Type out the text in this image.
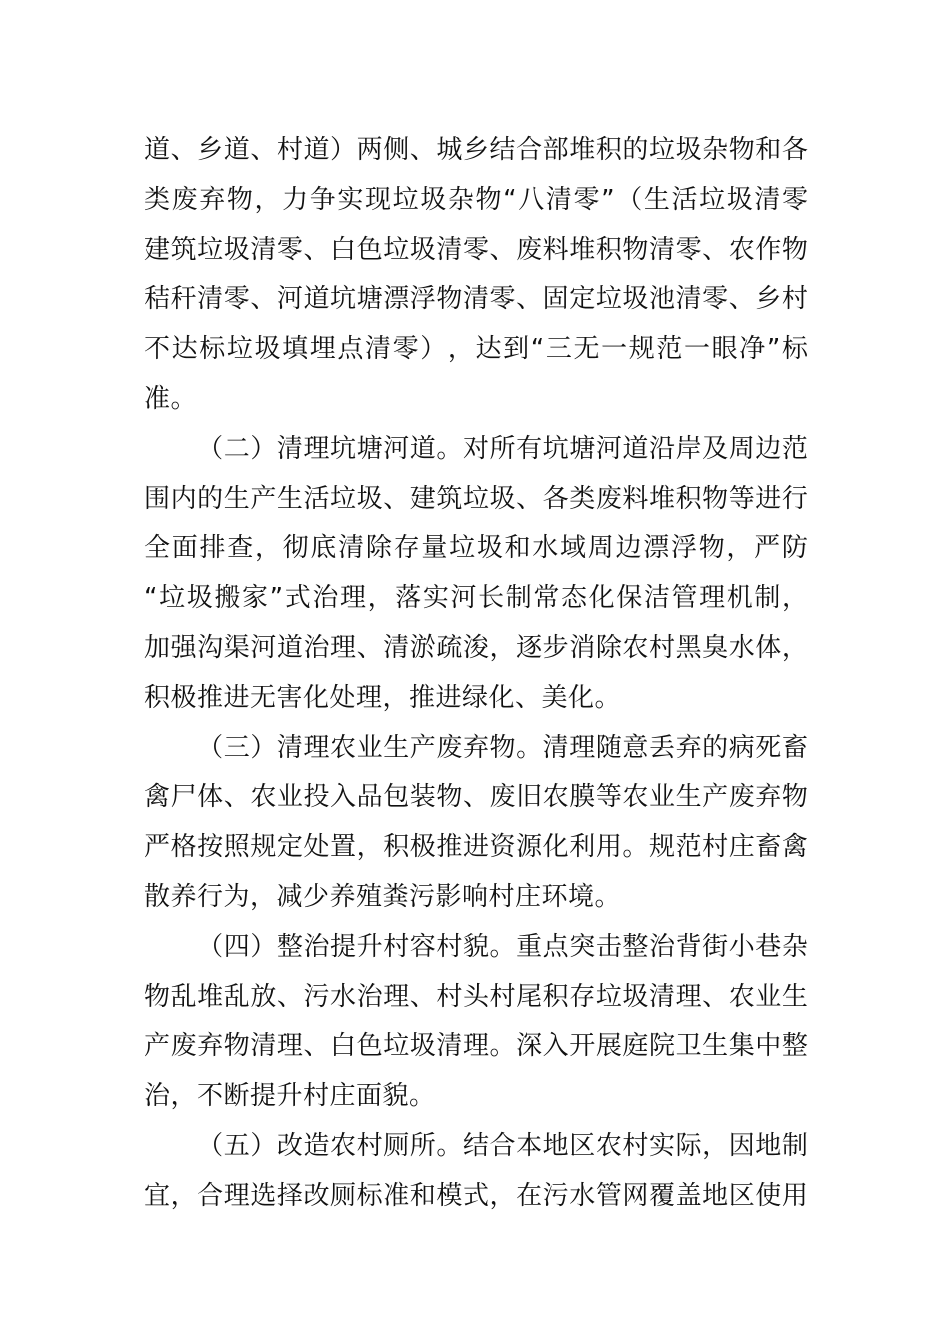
道 、 乡 道 、 村 道 ） 两 侧 、 城 乡 结 合 部 堆 积 的 垃 圾 杂 物 和 各
类 废 弃 物 ， 力 争 实 现 垃 圾 杂 物 “ 八 清 零 ” （ 生 活 垃 圾 清 零
建 筑 垃 圾 清 零 、 白 色 垃 圾 清 零 、 废 料 堆 积 物 清 零 、 农 作 物
秸 秆 清 零 、 河 道 坑 塘 漂 浮 物 清 零 、 固 定 垃 圾 池 清 零 、 乡 村
不 达 标 垃 圾 填 埋 点 清 零 ） ， 达 到 “ 三 无 一 规 范 一 眼 净 ” 标
准。

（ 二 ） 清 理 坑 塘 河 道 。 对 所 有 坑 塘 河 道 沿 岸 及 周 边 范
围 内 的 生 产 生 活 垃 圾 、 建 筑 垃 圾 、 各 类 废 料 堆 积 物 等 进 行
全 面 排 查 ， 彻 底 清 除 存 量 垃 圾 和 水 域 周 边 漂 浮 物 ， 严 防
“ 垃 圾 搬 家 ” 式 治 理 ， 落 实 河 长 制 常 态 化 保 洁 管 理 机 制 ，
加 强 沟 渠 河 道 治 理 、 清 淤 疏 浚 ， 逐 步 消 除 农 村 黑 臭 水 体 ，
积极推进无害化处理，推进绿化、美化。

（ 三 ） 清 理 农 业 生 产 废 弃 物 。 清 理 随 意 丢 弃 的 病 死 畜
禽 尸 体 、 农 业 投 入 品 包 装 物 、 废 旧 农 膜 等 农 业 生 产 废 弃 物
严 格 按 照 规 定 处 置 ， 积 极 推 进 资 源 化 利 用 。 规 范 村 庄 畜 禽
散养行为，减少养殖粪污影响村庄环境。

（ 四 ） 整 治 提 升 村 容 村 貌 。 重 点 突 击 整 治 背 街 小 巷 杂
物 乱 堆 乱 放 、 污 水 治 理 、 村 头 村 尾 积 存 垃 圾 清 理 、 农 业 生
产 废 弃 物 清 理 、 白 色 垃 圾 清 理 。 深 入 开 展 庭 院 卫 生 集 中 整
治，不断提升村庄面貌。

（ 五 ） 改 造 农 村 厕 所 。 结 合 本 地 区 农 村 实 际 ， 因 地 制
宜 ， 合 理 选 择 改 厕 标 准 和 模 式 ， 在 污 水 管 网 覆 盖 地 区 使 用
